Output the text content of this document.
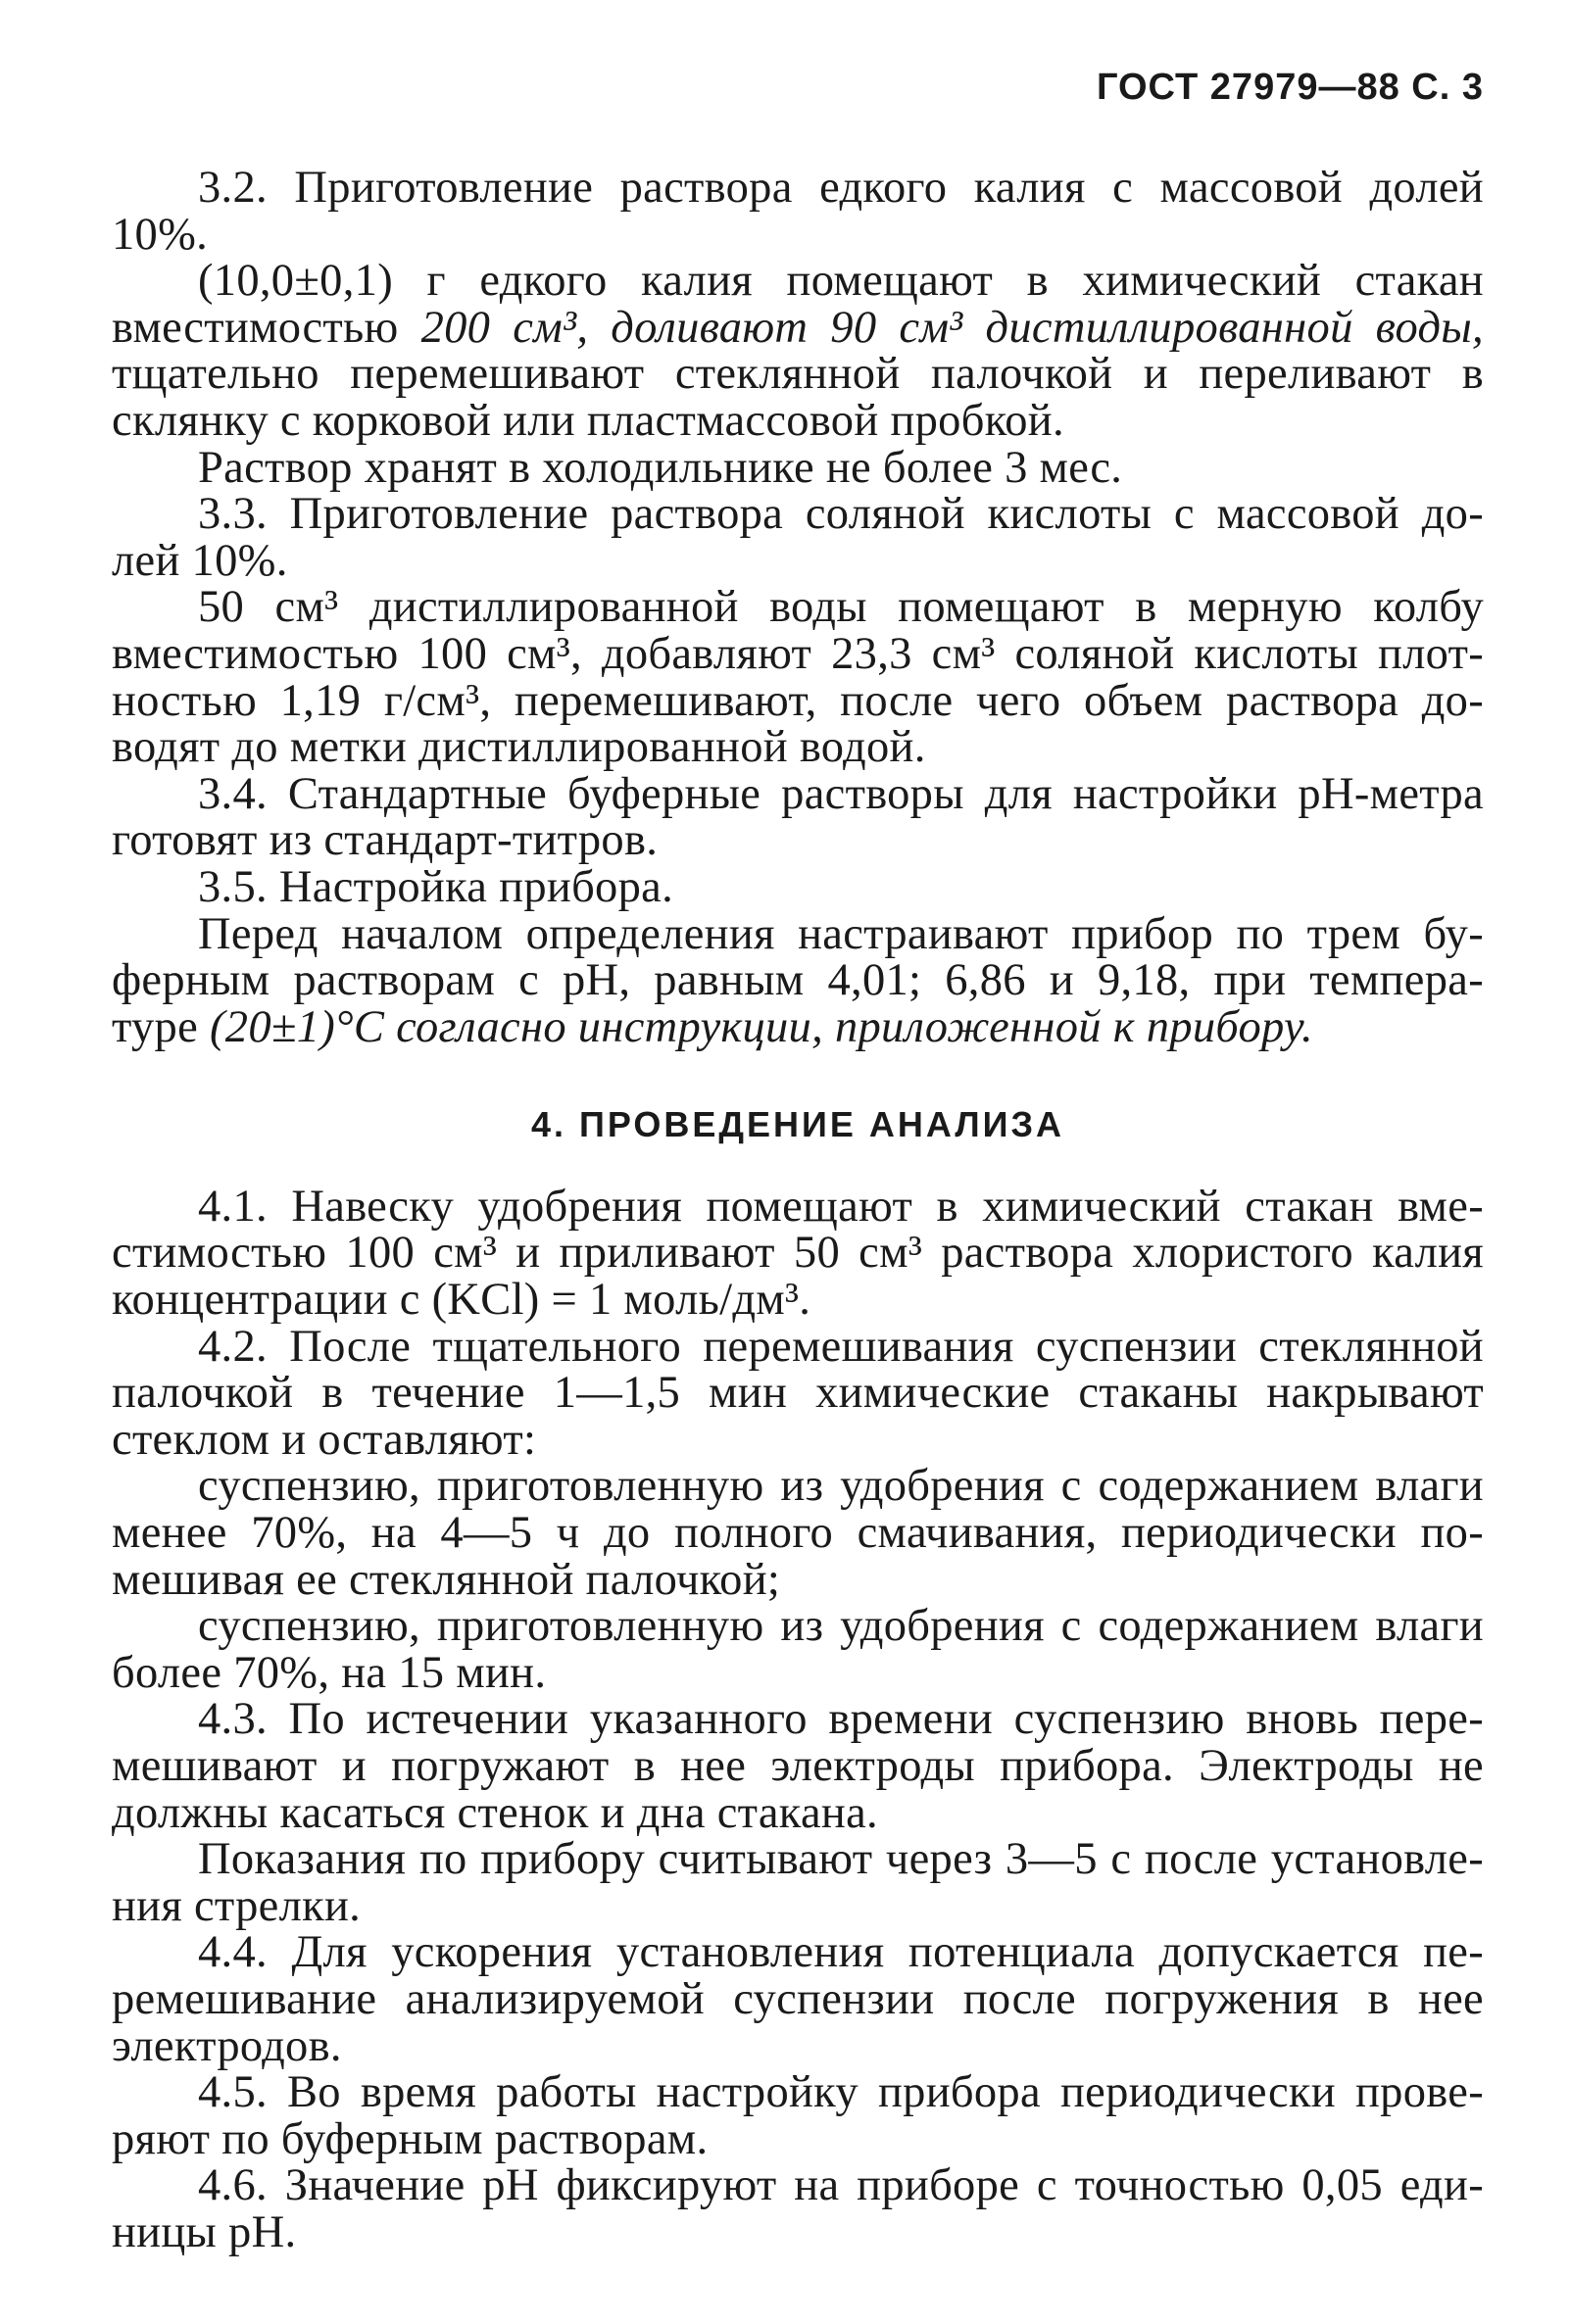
ГОСТ 27979—88 С. 3
3.2. Приготовление раствора едкого калия с массовой долей
10%.
(10,0±0,1) г едкого калия помещают в химический стакан
вместимостью 200 см³, доливают 90 см³ дистиллированной воды,
тщательно перемешивают стеклянной палочкой и переливают в
склянку с корковой или пластмассовой пробкой.
Раствор хранят в холодильнике не более 3 мес.
3.3. Приготовление раствора соляной кислоты с массовой до-
лей 10%.
50 см³ дистиллированной воды помещают в мерную колбу
вместимостью 100 см³, добавляют 23,3 см³ соляной кислоты плот-
ностью 1,19 г/см³, перемешивают, после чего объем раствора до-
водят до метки дистиллированной водой.
3.4. Стандартные буферные растворы для настройки pH-метра
готовят из стандарт-титров.
3.5. Настройка прибора.
Перед началом определения настраивают прибор по трем бу-
ферным растворам с pH, равным 4,01; 6,86 и 9,18, при темпера-
туре (20±1)°С согласно инструкции, приложенной к прибору.
4. ПРОВЕДЕНИЕ АНАЛИЗА
4.1. Навеску удобрения помещают в химический стакан вме-
стимостью 100 см³ и приливают 50 см³ раствора хлористого калия
концентрации с (KCl) = 1 моль/дм³.
4.2. После тщательного перемешивания суспензии стеклянной
палочкой в течение 1—1,5 мин химические стаканы накрывают
стеклом и оставляют:
суспензию, приготовленную из удобрения с содержанием влаги
менее 70%, на 4—5 ч до полного смачивания, периодически по-
мешивая ее стеклянной палочкой;
суспензию, приготовленную из удобрения с содержанием влаги
более 70%, на 15 мин.
4.3. По истечении указанного времени суспензию вновь пере-
мешивают и погружают в нее электроды прибора. Электроды не
должны касаться стенок и дна стакана.
Показания по прибору считывают через 3—5 с после установле-
ния стрелки.
4.4. Для ускорения установления потенциала допускается пе-
ремешивание анализируемой суспензии после погружения в нее
электродов.
4.5. Во время работы настройку прибора периодически прове-
ряют по буферным растворам.
4.6. Значение pH фиксируют на приборе с точностью 0,05 еди-
ницы pH.
